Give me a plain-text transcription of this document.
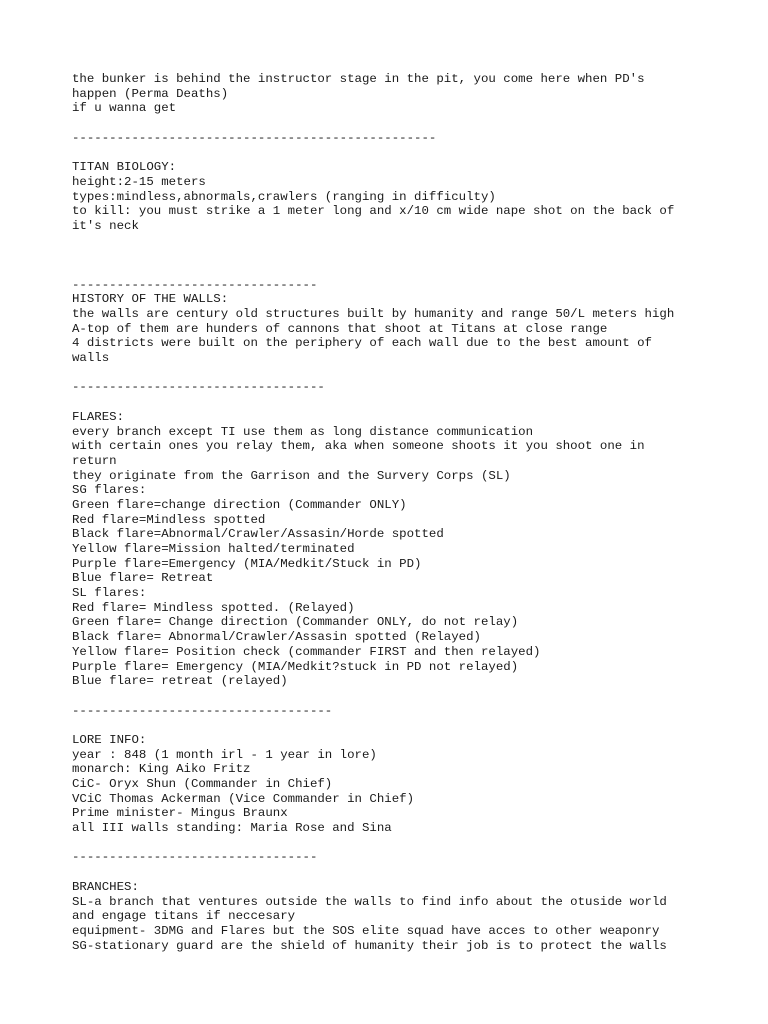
the bunker is behind the instructor stage in the pit, you come here when PD's
happen (Perma Deaths)
if u wanna get
-------------------------------------------------
TITAN BIOLOGY:
height:2-15 meters
types:mindless,abnormals,crawlers (ranging in difficulty)
to kill: you must strike a 1 meter long and x/10 cm wide nape shot on the back of
it's neck
---------------------------------
HISTORY OF THE WALLS:
the walls are century old structures built by humanity and range 50/L meters high
A-top of them are hunders of cannons that shoot at Titans at close range
4 districts were built on the periphery of each wall due to the best amount of
walls
----------------------------------
FLARES:
every branch except TI use them as long distance communication
with certain ones you relay them, aka when someone shoots it you shoot one in
return
they originate from the Garrison and the Survery Corps (SL)
SG flares:
Green flare=change direction (Commander ONLY)
Red flare=Mindless spotted
Black flare=Abnormal/Crawler/Assasin/Horde spotted
Yellow flare=Mission halted/terminated
Purple flare=Emergency (MIA/Medkit/Stuck in PD)
Blue flare= Retreat
SL flares:
Red flare= Mindless spotted. (Relayed)
Green flare= Change direction (Commander ONLY, do not relay)
Black flare= Abnormal/Crawler/Assasin spotted (Relayed)
Yellow flare= Position check (commander FIRST and then relayed)
Purple flare= Emergency (MIA/Medkit?stuck in PD not relayed)
Blue flare= retreat (relayed)
-----------------------------------
LORE INFO:
year : 848 (1 month irl - 1 year in lore)
monarch: King Aiko Fritz
CiC- Oryx Shun (Commander in Chief)
VCiC Thomas Ackerman (Vice Commander in Chief)
Prime minister- Mingus Braunx
all III walls standing: Maria Rose and Sina
---------------------------------
BRANCHES:
SL-a branch that ventures outside the walls to find info about the otuside world
and engage titans if neccesary
equipment- 3DMG and Flares but the SOS elite squad have acces to other weaponry
SG-stationary guard are the shield of humanity their job is to protect the walls
